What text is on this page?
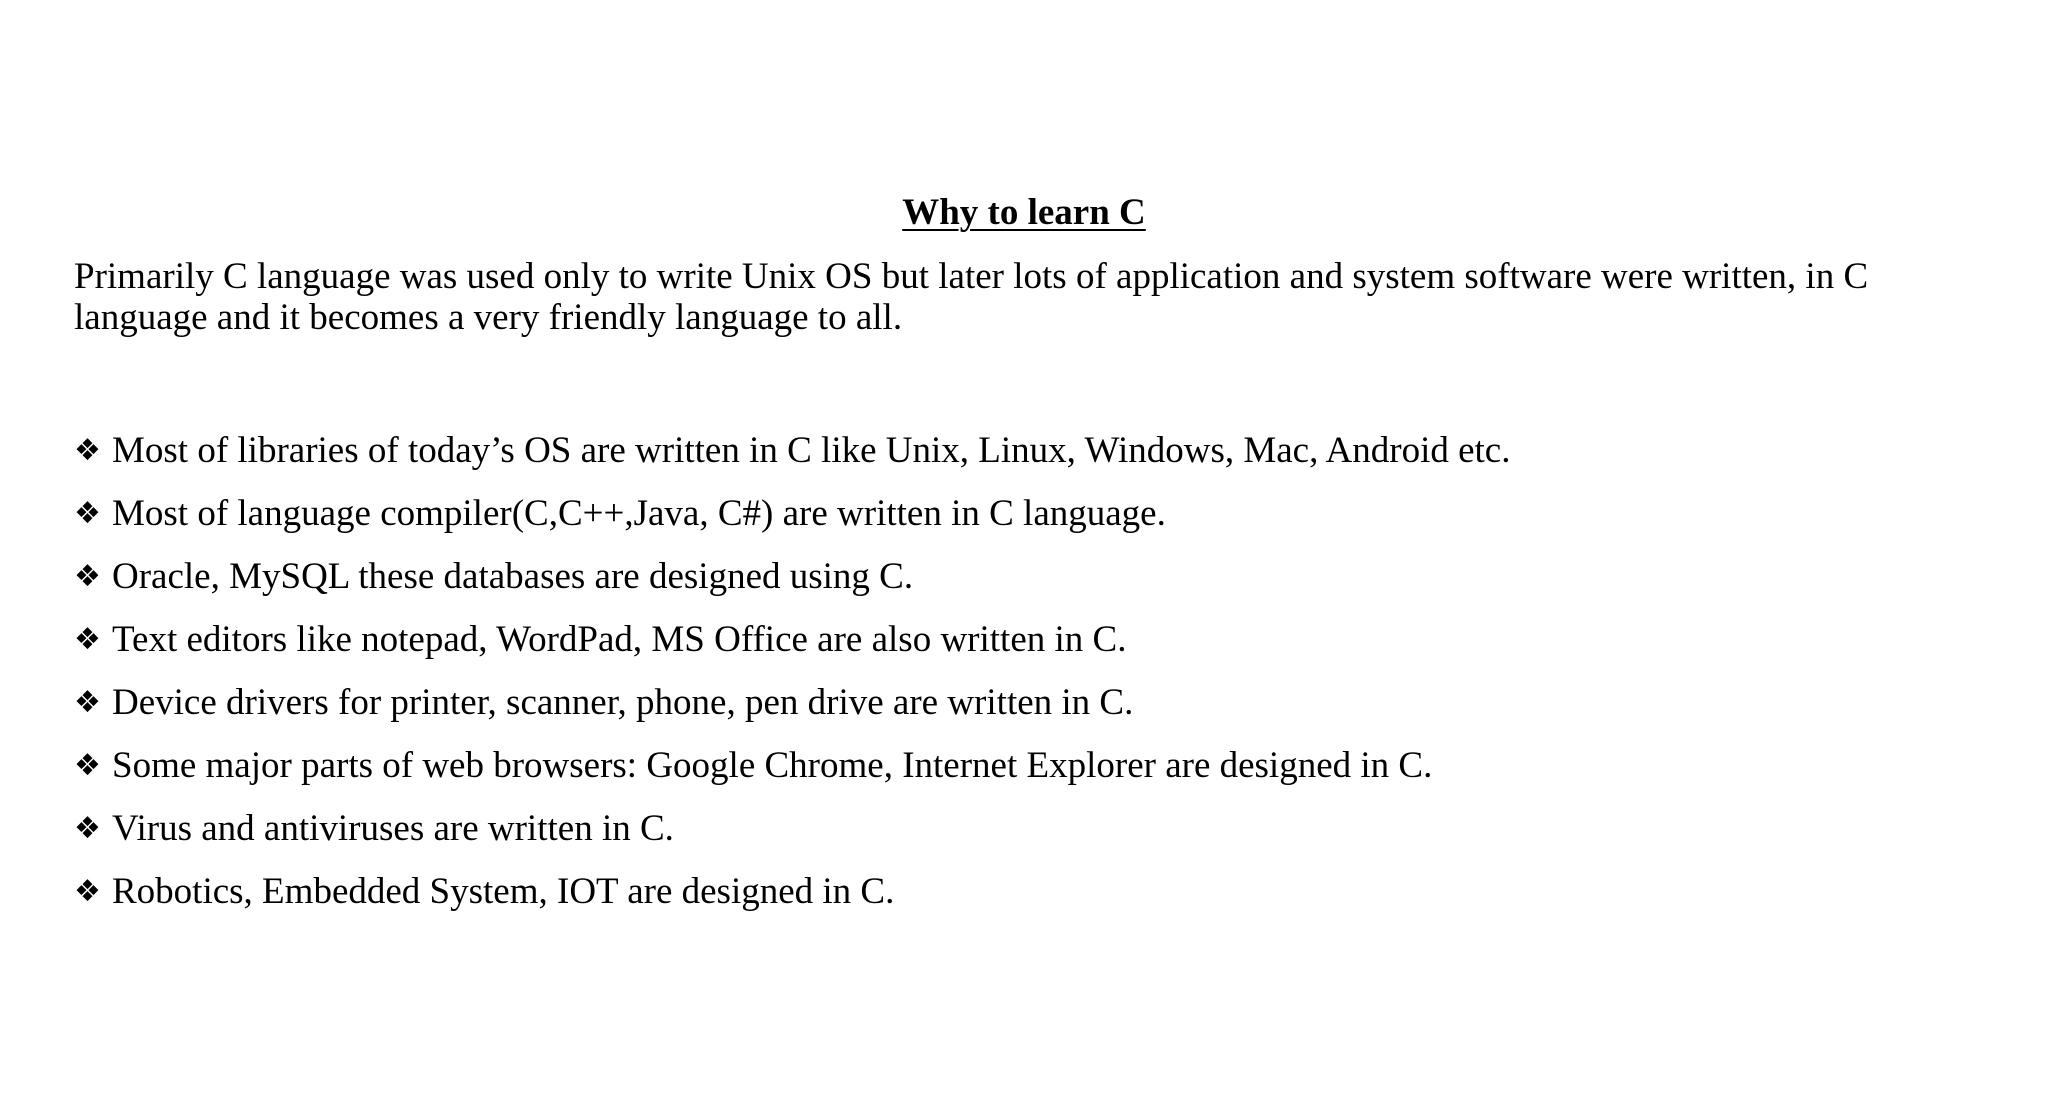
Why to learn C

Primarily C language was used only to write Unix OS but later lots of application and system software were written, in C language and it becomes a very friendly language to all.

❖ Most of libraries of today’s OS are written in C like Unix, Linux, Windows, Mac, Android etc.
❖ Most of language compiler(C,C++,Java, C#) are written in C language.
❖ Oracle, MySQL these databases are designed using C.
❖ Text editors like notepad, WordPad, MS Office are also written in C.
❖ Device drivers for printer, scanner, phone, pen drive are written in C.
❖ Some major parts of web browsers: Google Chrome, Internet Explorer are designed in C.
❖ Virus and antiviruses are written in C.
❖ Robotics, Embedded System, IOT are designed in C.
